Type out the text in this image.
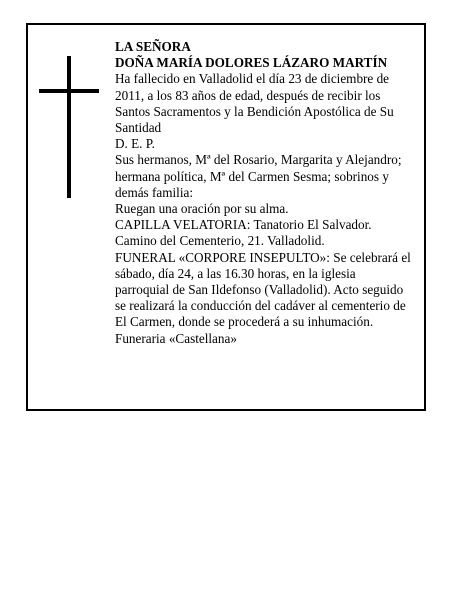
LA SEÑORA
DOÑA MARÍA DOLORES LÁZARO MARTÍN
Ha fallecido en Valladolid el día 23 de diciembre de
2011, a los 83 años de edad, después de recibir los
Santos Sacramentos y la Bendición Apostólica de Su
Santidad
D. E. P.
Sus hermanos, Mª del Rosario, Margarita y Alejandro;
hermana política, Mª del Carmen Sesma; sobrinos y
demás familia:
Ruegan una oración por su alma.
CAPILLA VELATORIA: Tanatorio El Salvador.
Camino del Cementerio, 21. Valladolid.
FUNERAL «CORPORE INSEPULTO»: Se celebrará el
sábado, día 24, a las 16.30 horas, en la iglesia
parroquial de San Ildefonso (Valladolid). Acto seguido
se realizará la conducción del cadáver al cementerio de
El Carmen, donde se procederá a su inhumación.
Funeraria «Castellana»
